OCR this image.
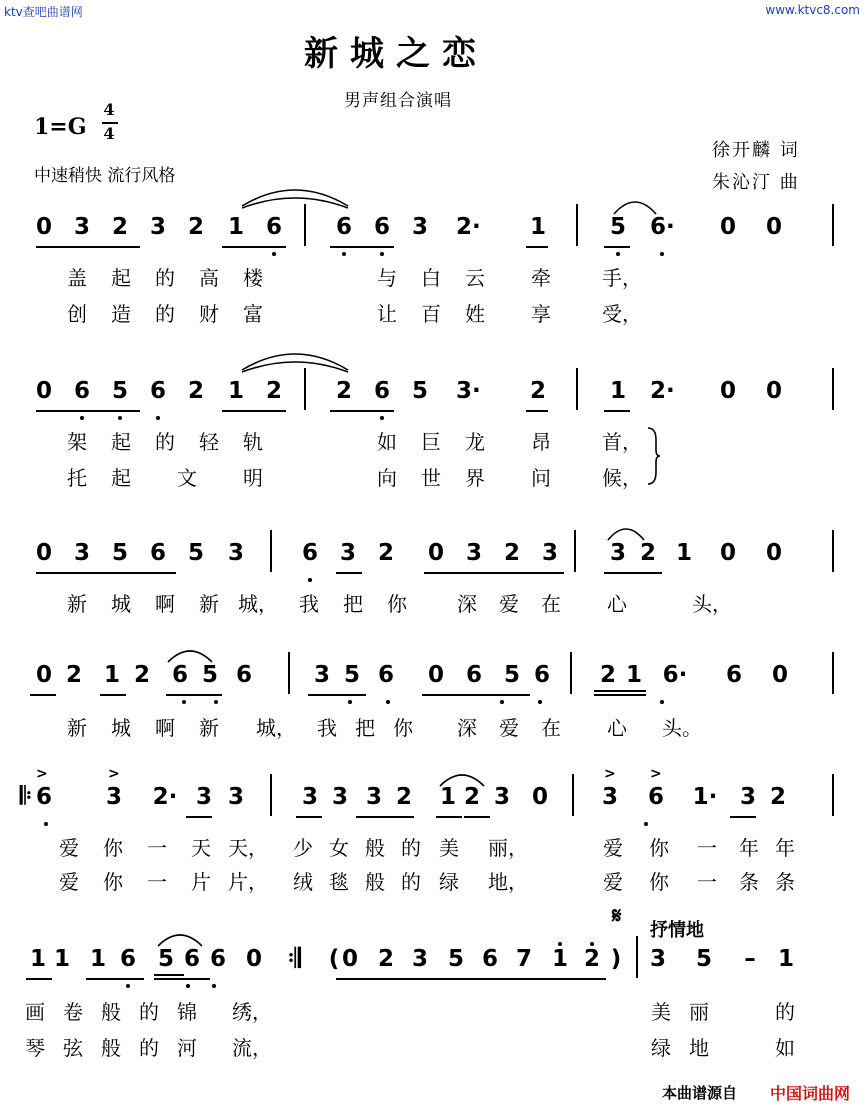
ktv查吧曲谱网	www.ktvc8.com
新城之恋
男声组合演唱
1=G
4
4
徐开麟 词
朱沁汀 曲
中速稍快 流行风格
0 3 2 3 2 1 6 6 6 3 2· 1	5 6· 0 0
盖 起 的 高 楼	与 白 云 牵	手，
创 造 的 财 富	让 百 姓 享	受，
0 6 5 6 2 1 2 2 6 5 3· 2	1 2· 0 0
架 起 的 轻 轨	如 巨 龙 昂	首，
托 起 文 明	向 世 界 问	候，
0 3 5 6 5 3	6 3 2 0 3 2 3 3 2 1 0 0
新 城 啊 新 城， 我 把 你	深 爱 在 心	头，
0 2 1 2 6 5 6	3 5 6 0 6 5 6 2 1 6· 6 0
新 城 啊 新 城， 我 把 你 深 爱 在 心 头。
𝄆
>	>	> >
6 3 2· 3 3	3 3 3 2 1 2 3 0 3 6 1· 3 2
爱 你 一 天 天， 少 女 般 的 美 丽，	爱 你 一 年 年
爱 你 一 片 片， 绒 毯 般 的 绿 地，	爱 你 一 条 条
𝄋
抒情地
1 1 1 6 5 6 6 0	( 0 2 3 5 6 7 1 2 ) 3 5 – 1
𝄇
画 卷 般 的 锦 绣，	美 丽	的
琴 弦 般 的 河 流，	绿 地	如
本曲谱源自 中国词曲网
